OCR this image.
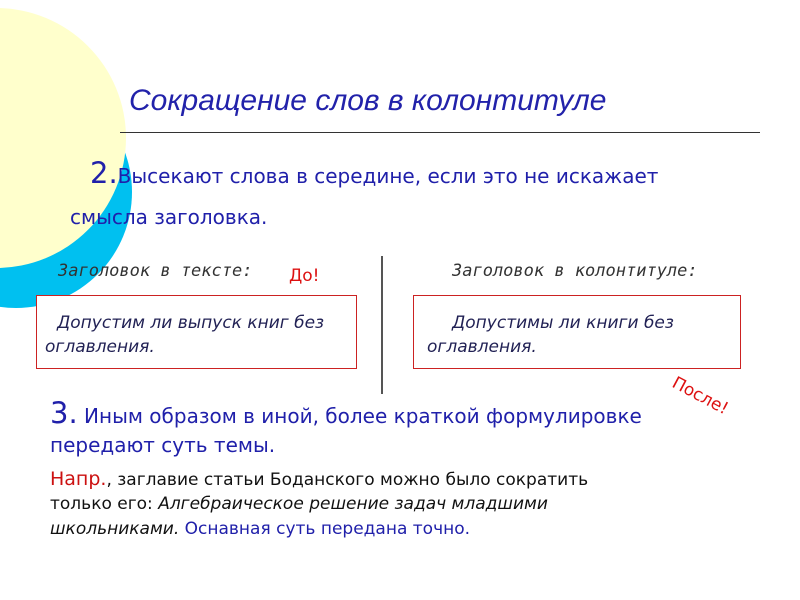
Сокращение слов в колонтитуле
2.Высекают слова в середине, если это не искажает
смысла заголовка.
Заголовок в тексте:	Заголовок в колонтитуле:
Допустим ли выпуск книг без
оглавления.
Допустимы ли книги без
оглавления.
До!
После!
3. Иным образом в иной, более краткой формулировке
передают суть темы.
Напр., заглавие статьи Боданского можно было сократить
только его: Алгебраическое решение задач младшими
школьниками. Оснавная суть передана точно.
